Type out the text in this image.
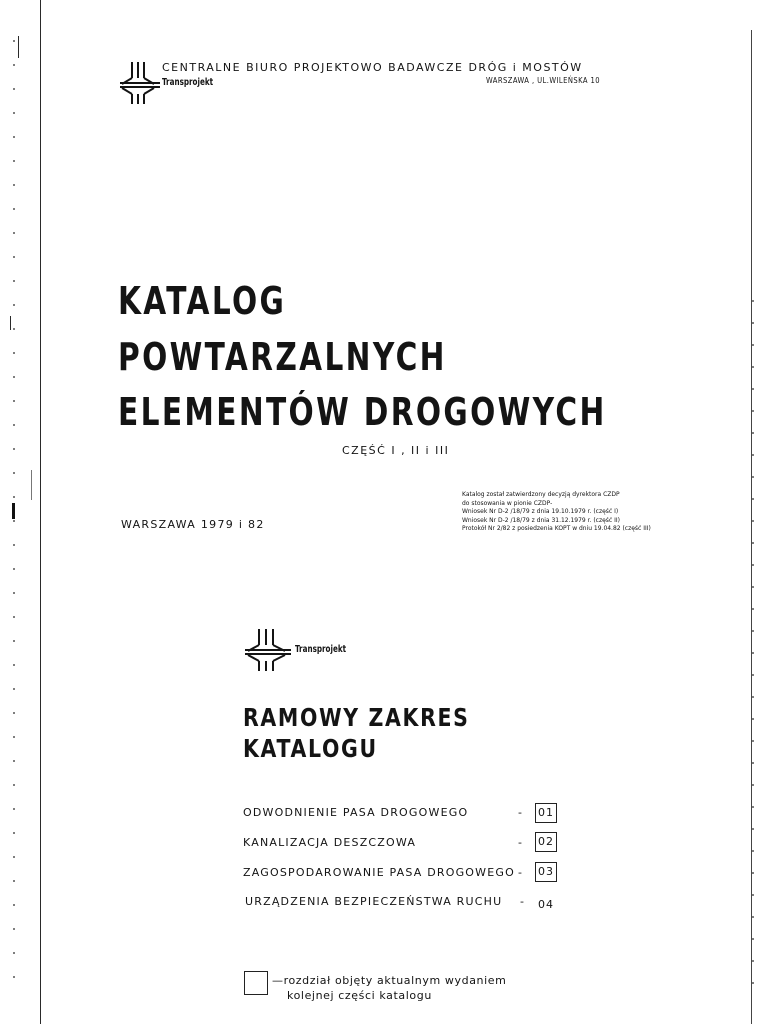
Transprojekt
CENTRALNE BIURO PROJEKTOWO BADAWCZE DRÓG i MOSTÓW
WARSZAWA , UL.WILEŃSKA 10
KATALOG
POWTARZALNYCH
ELEMENTÓW DROGOWYCH
CZĘŚĆ I , II i III
Katalog został zatwierdzony decyzją dyrektora CZDP
do stosowania w pionie CZDP-
Wniosek Nr D-2 /18/79 z dnia 19.10.1979 r. (część I)
Wniosek Nr D-2 /18/79 z dnia 31.12.1979 r. (część II)
Protokół Nr 2/82 z posiedzenia KOPT w dniu 19.04.82 (część III)
WARSZAWA 1979 i 82
Transprojekt
RAMOWY ZAKRES
KATALOGU
ODWODNIENIE PASA DROGOWEGO	- 01
KANALIZACJA DESZCZOWA	- 02
ZAGOSPODAROWANIE PASA DROGOWEGO - 03
URZĄDZENIA BEZPIECZEŃSTWA RUCHU - 04
—rozdział objęty aktualnym wydaniem
kolejnej części katalogu
